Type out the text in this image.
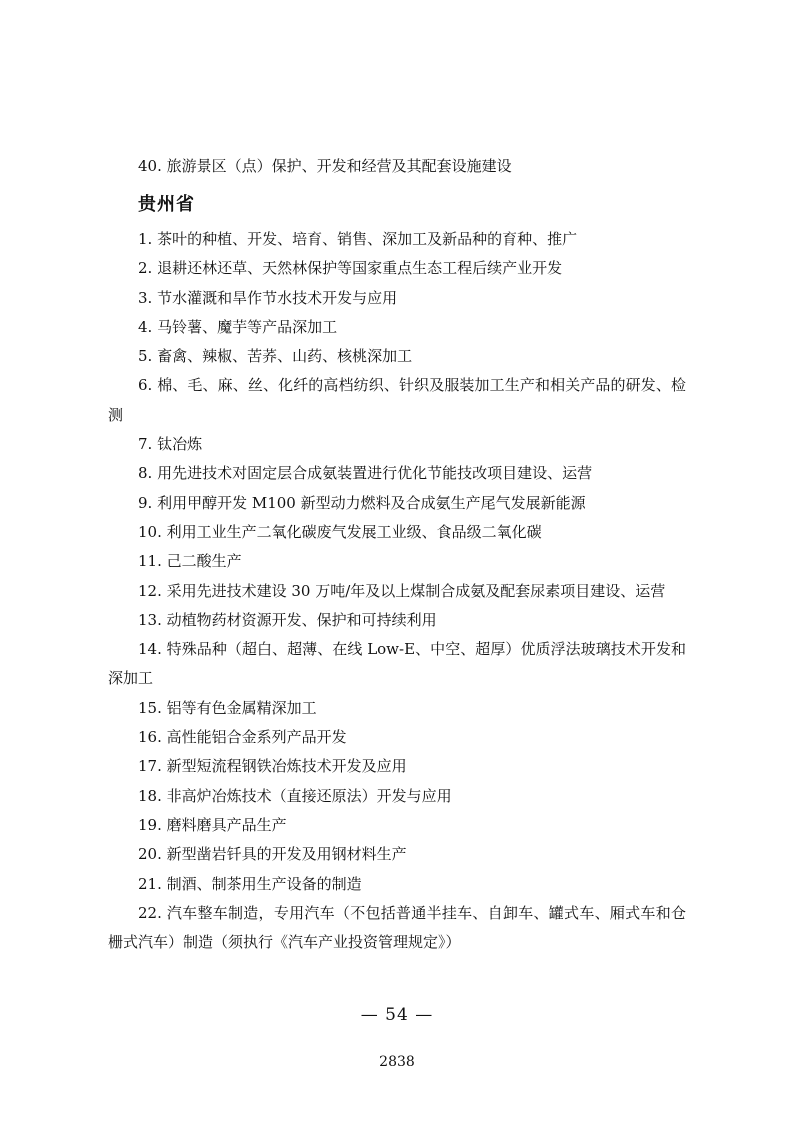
40. 旅游景区（点）保护、开发和经营及其配套设施建设

贵州省

1. 茶叶的种植、开发、培育、销售、深加工及新品种的育种、推广

2. 退耕还林还草、天然林保护等国家重点生态工程后续产业开发

3. 节水灌溉和旱作节水技术开发与应用

4. 马铃薯、魔芋等产品深加工

5. 畜禽、辣椒、苦荞、山药、核桃深加工

6. 棉、毛、麻、丝、化纤的高档纺织、针织及服装加工生产和相关产品的研发、检测

7. 钛冶炼

8. 用先进技术对固定层合成氨装置进行优化节能技改项目建设、运营

9. 利用甲醇开发 M100 新型动力燃料及合成氨生产尾气发展新能源

10. 利用工业生产二氧化碳废气发展工业级、食品级二氧化碳

11. 己二酸生产

12. 采用先进技术建设 30 万吨/年及以上煤制合成氨及配套尿素项目建设、运营

13. 动植物药材资源开发、保护和可持续利用

14. 特殊品种（超白、超薄、在线 Low-E、中空、超厚）优质浮法玻璃技术开发和深加工

15. 铝等有色金属精深加工

16. 高性能铝合金系列产品开发

17. 新型短流程钢铁冶炼技术开发及应用

18. 非高炉冶炼技术（直接还原法）开发与应用

19. 磨料磨具产品生产

20. 新型凿岩钎具的开发及用钢材料生产

21. 制酒、制茶用生产设备的制造

22. 汽车整车制造，专用汽车（不包括普通半挂车、自卸车、罐式车、厢式车和仓栅式汽车）制造（须执行《汽车产业投资管理规定》）

— 54 —
2838
